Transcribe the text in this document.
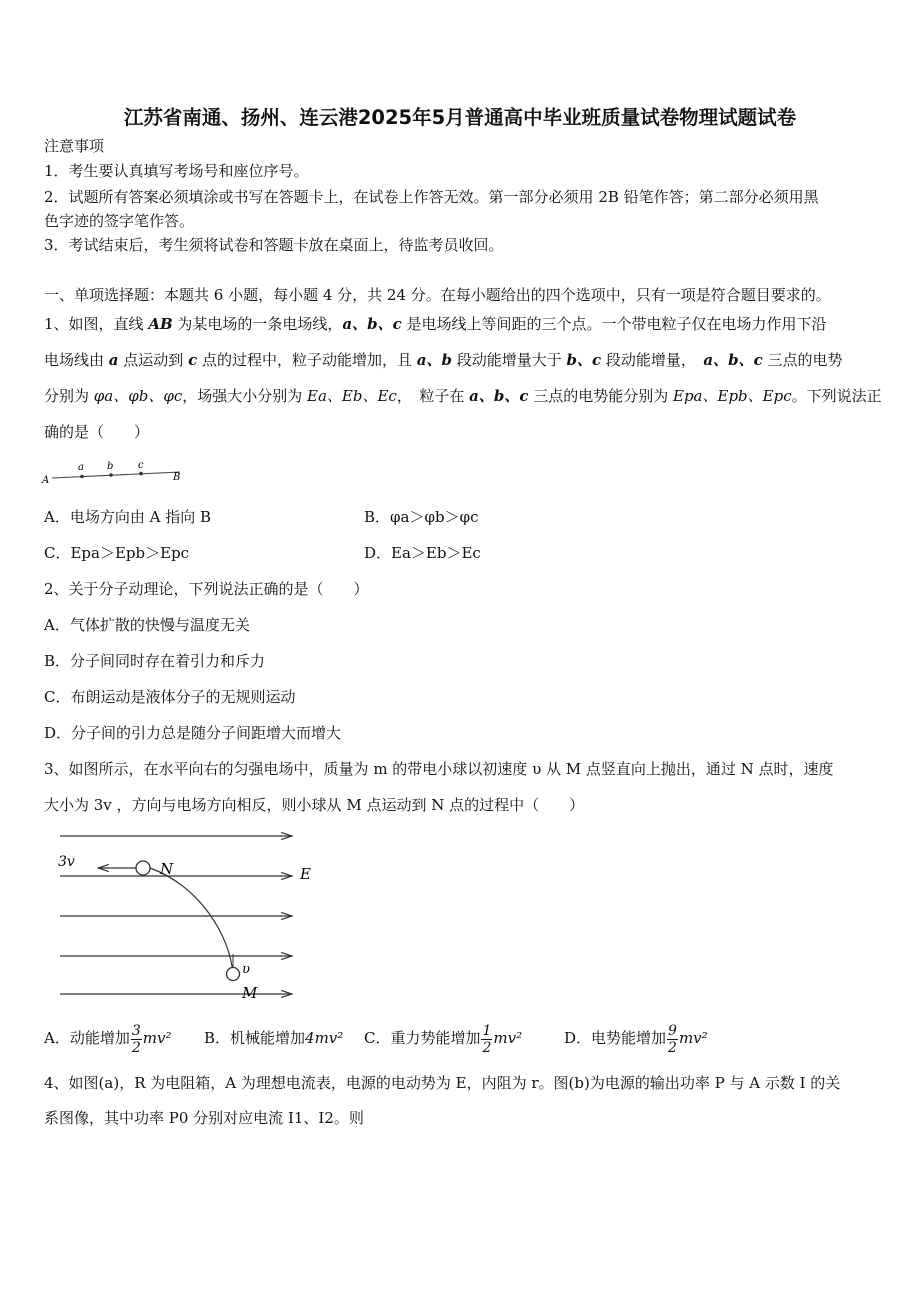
江苏省南通、扬州、连云港2025年5月普通高中毕业班质量试卷物理试题试卷
注意事项
1．考生要认真填写考场号和座位序号。
2．试题所有答案必须填涂或书写在答题卡上，在试卷上作答无效。第一部分必须用 2B 铅笔作答；第二部分必须用黑
色字迹的签字笔作答。
3．考试结束后，考生须将试卷和答题卡放在桌面上，待监考员收回。
一、单项选择题：本题共 6 小题，每小题 4 分，共 24 分。在每小题给出的四个选项中，只有一项是符合题目要求的。
1、如图，直线 AB 为某电场的一条电场线，a、b、c 是电场线上等间距的三个点。一个带电粒子仅在电场力作用下沿
电场线由 a 点运动到 c 点的过程中，粒子动能增加，且 a、b 段动能增量大于 b、c 段动能增量，　a、b、c 三点的电势
分别为 φa、φb、φc，场强大小分别为 Ea、Eb、Ec，　粒子在 a、b、c 三点的电势能分别为 Epa、Epb、Epc。下列说法正
确的是（　　）
A
a b c
B
A．电场方向由 A 指向 B	B．φa＞φb＞φc
C．Epa＞Epb＞Epc	D．Ea＞Eb＞Ec
2、关于分子动理论，下列说法正确的是（　　）
A．气体扩散的快慢与温度无关
B．分子间同时存在着引力和斥力
C．布朗运动是液体分子的无规则运动
D．分子间的引力总是随分子间距增大而增大
3、如图所示，在水平向右的匀强电场中，质量为 m 的带电小球以初速度 υ 从 M 点竖直向上抛出，通过 N 点时，速度
大小为 3v ，方向与电场方向相反，则小球从 M 点运动到 N 点的过程中（　　）
3v	N	E
υ
M
A．动能增加 $\frac{3}{2} mv^2$ B．机械能增加4mv² C．重力势能增加 $\frac{1}{2} mv^2$	D．电势能增加 $\frac{9}{2} mv^2$
4、如图(a)，R 为电阻箱，A 为理想电流表，电源的电动势为 E，内阻为 r。图(b)为电源的输出功率 P 与 A 示数 I 的关
系图像，其中功率 P0 分别对应电流 I1、I2。则
